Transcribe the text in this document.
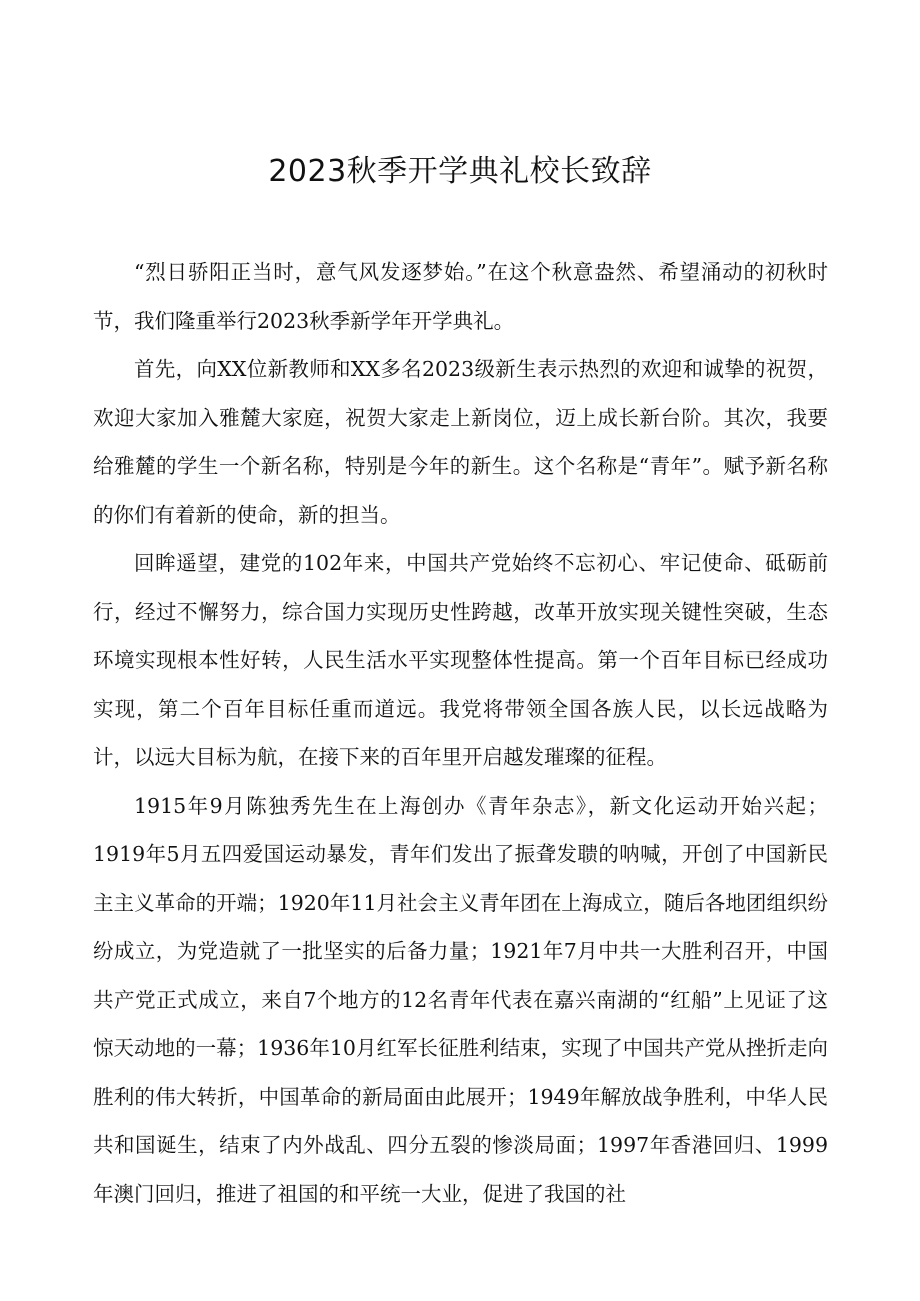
2023秋季开学典礼校长致辞

“烈日骄阳正当时，意气风发逐梦始。”在这个秋意盎然、希望涌动的初秋时节，我们隆重举行2023秋季新学年开学典礼。

首先，向XX位新教师和XX多名2023级新生表示热烈的欢迎和诚挚的祝贺，欢迎大家加入雅麓大家庭，祝贺大家走上新岗位，迈上成长新台阶。其次，我要给雅麓的学生一个新名称，特别是今年的新生。这个名称是“青年”。赋予新名称的你们有着新的使命，新的担当。

回眸遥望，建党的102年来，中国共产党始终不忘初心、牢记使命、砥砺前行，经过不懈努力，综合国力实现历史性跨越，改革开放实现关键性突破，生态环境实现根本性好转，人民生活水平实现整体性提高。第一个百年目标已经成功实现，第二个百年目标任重而道远。我党将带领全国各族人民，以长远战略为计，以远大目标为航，在接下来的百年里开启越发璀璨的征程。

1915年9月陈独秀先生在上海创办《青年杂志》，新文化运动开始兴起；1919年5月五四爱国运动暴发，青年们发出了振聋发聩的呐喊，开创了中国新民主主义革命的开端；1920年11月社会主义青年团在上海成立，随后各地团组织纷纷成立，为党造就了一批坚实的后备力量；1921年7月中共一大胜利召开，中国共产党正式成立，来自7个地方的12名青年代表在嘉兴南湖的“红船”上见证了这惊天动地的一幕；1936年10月红军长征胜利结束，实现了中国共产党从挫折走向胜利的伟大转折，中国革命的新局面由此展开；1949年解放战争胜利，中华人民共和国诞生，结束了内外战乱、四分五裂的惨淡局面；1997年香港回归、1999年澳门回归，推进了祖国的和平统一大业，促进了我国的社
